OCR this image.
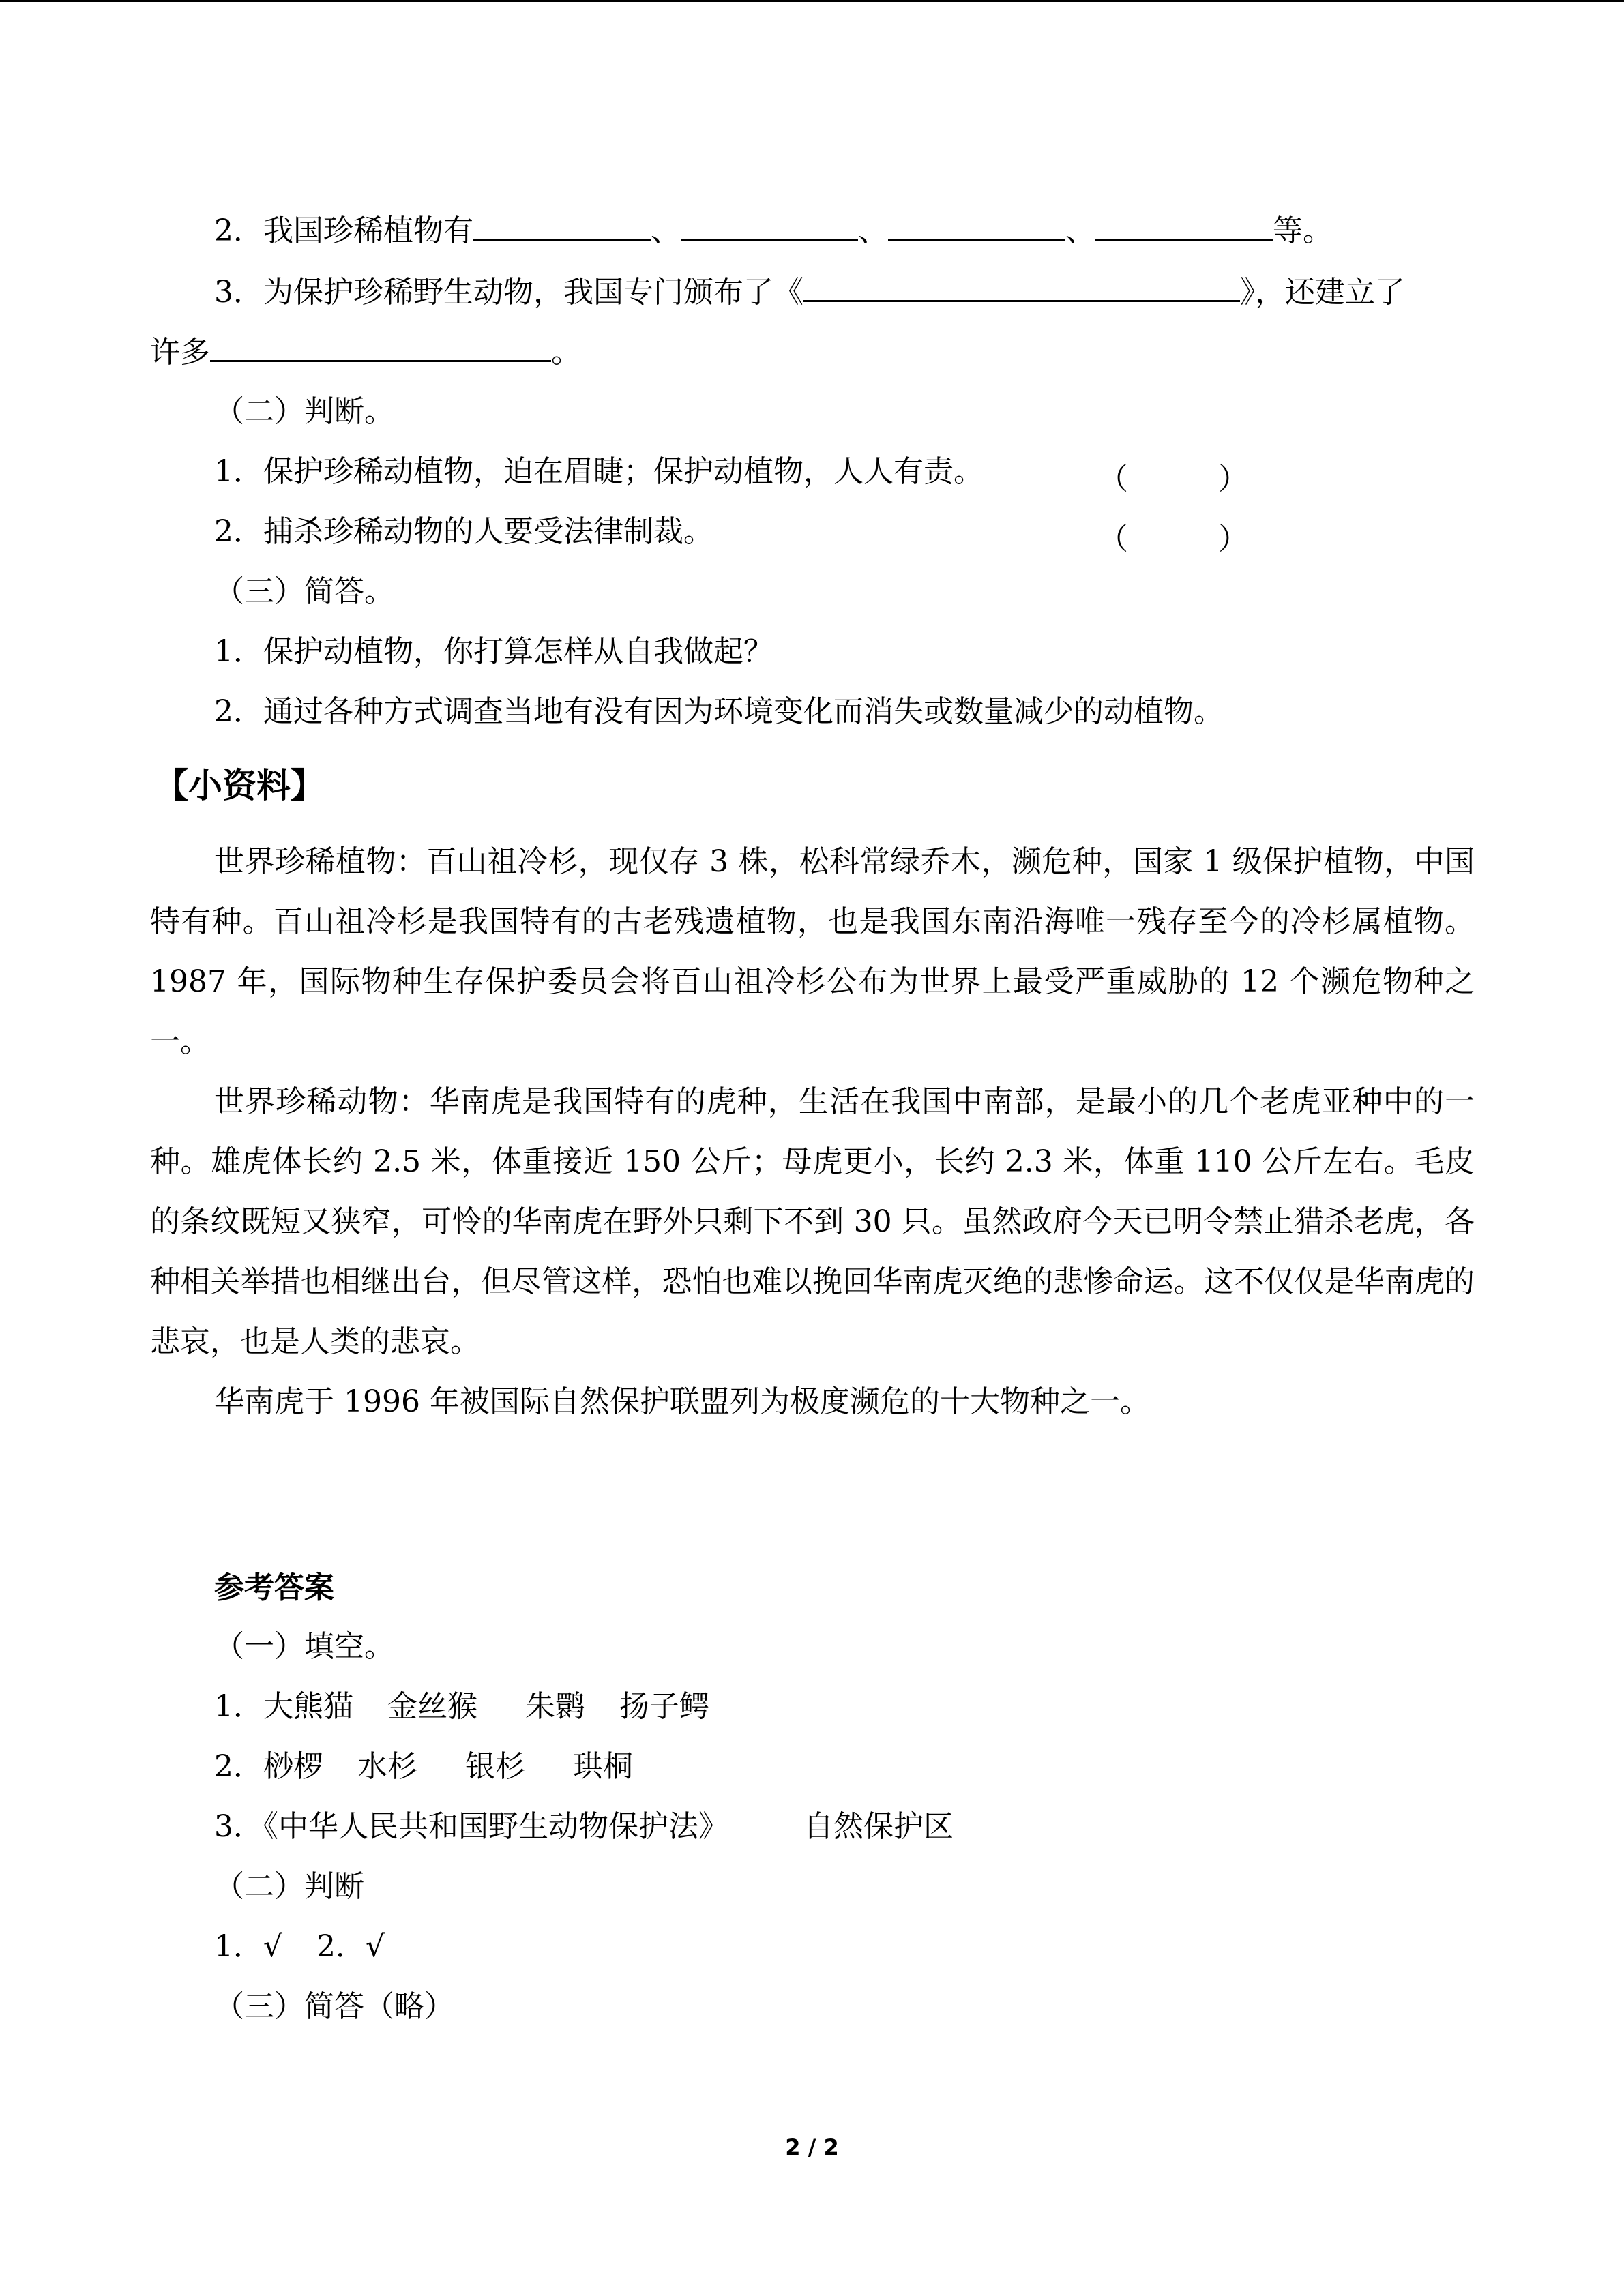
2．我国珍稀植物有	、	、	、	等。
3．为保护珍稀野生动物，我国专门颁布了《	》，还建立了
许多	。
（二）判断。
1．保护珍稀动植物，迫在眉睫；保护动植物，人人有责。	（　　　）
2．捕杀珍稀动物的人要受法律制裁。	（　　　）
（三）简答。
1．保护动植物，你打算怎样从自我做起？
2．通过各种方式调查当地有没有因为环境变化而消失或数量减少的动植物。
【小资料】
世界珍稀植物：百山祖冷杉，现仅存 3 株，松科常绿乔木，濒危种，国家 1 级保护植物，中国特有种。百山祖冷杉是我国特有的古老残遗植物，也是我国东南沿海唯一残存至今的冷杉属植物。1987 年，国际物种生存保护委员会将百山祖冷杉公布为世界上最受严重威胁的 12 个濒危物种之一。
世界珍稀动物：华南虎是我国特有的虎种，生活在我国中南部，是最小的几个老虎亚种中的一种。雄虎体长约 2.5 米，体重接近 150 公斤；母虎更小，长约 2.3 米，体重 110 公斤左右。毛皮的条纹既短又狭窄，可怜的华南虎在野外只剩下不到 30 只。虽然政府今天已明令禁止猎杀老虎，各种相关举措也相继出台，但尽管这样，恐怕也难以挽回华南虎灭绝的悲惨命运。这不仅仅是华南虎的悲哀，也是人类的悲哀。
华南虎于 1996 年被国际自然保护联盟列为极度濒危的十大物种之一。
参考答案
（一）填空。
1．大熊猫 金丝猴 朱鹮 扬子鳄
2．桫椤 水杉 银杉 珙桐
3．《中华人民共和国野生动物保护法》	自然保护区
（二）判断
1．√ 2．√
（三）简答（略）
2 / 2
